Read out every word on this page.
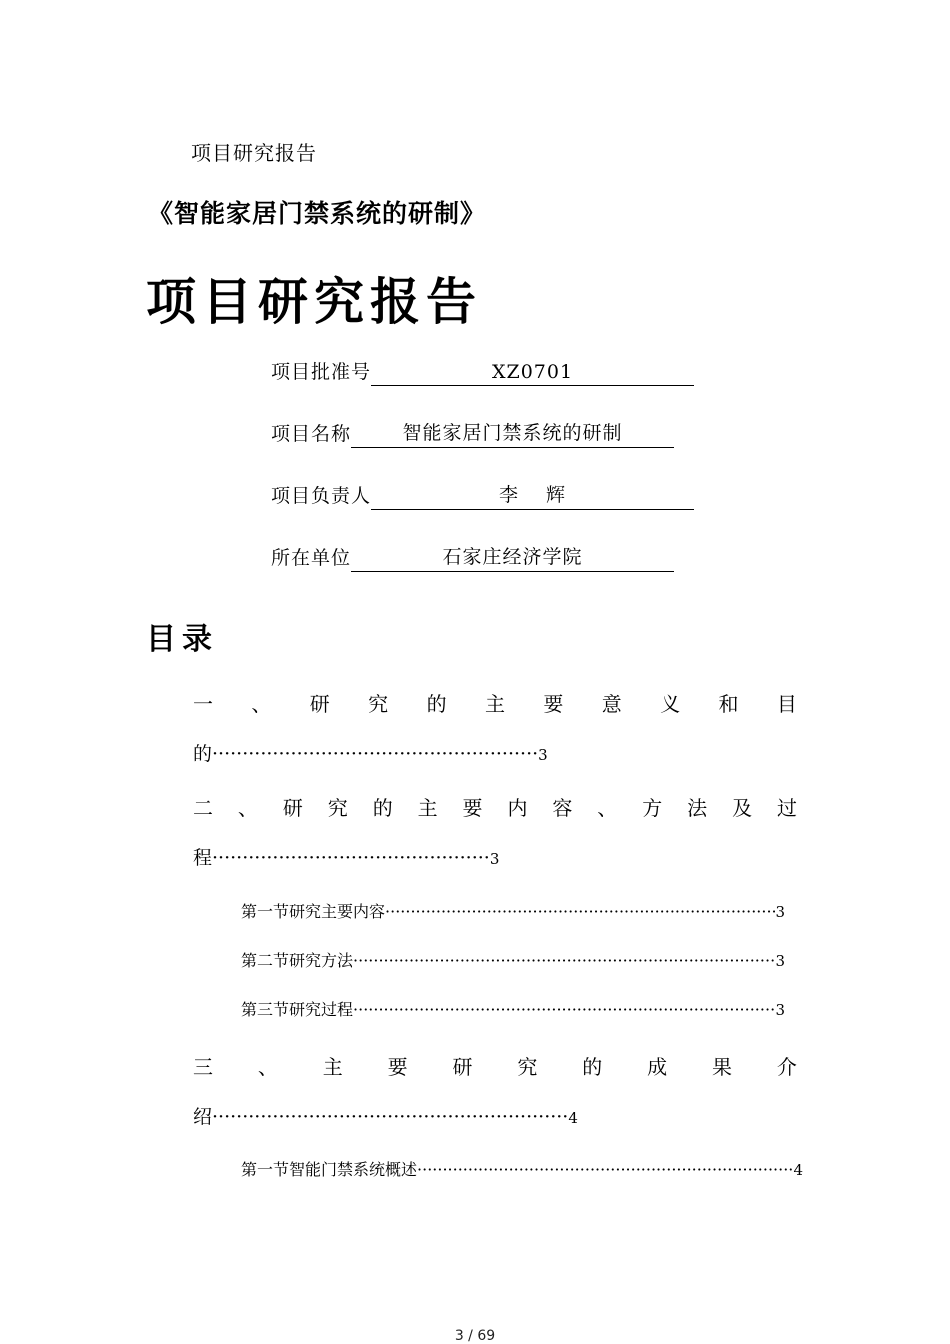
项目研究报告
《智能家居门禁系统的研制》
项目研究报告
项目批准号	XZ0701
项目名称	智能家居门禁系统的研制
项目负责人	李　 辉
所在单位	石家庄经济学院
目录
一 、 研 究 的 主 要 意 义 和 目
的······················································3
二 、 研 究 的 主 要 内 容 、 方 法 及 过
程··············································3
第一节研究主要内容 ·····	3
第二节研究方法 ·····	3
第三节研究过程 ·····	3
三 、 主 要 研 究 的 成 果 介
绍···························································4
第一节智能门禁系统概述 ·····	4
3 / 69
